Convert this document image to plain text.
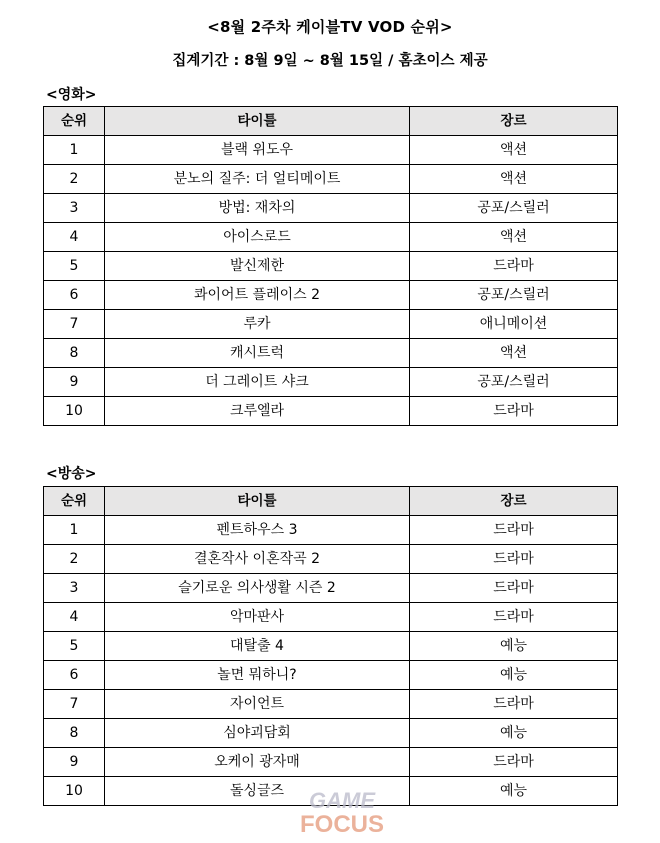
<8월 2주차 케이블TV VOD 순위>
집계기간 : 8월 9일 ~ 8월 15일 / 홈초이스 제공
<영화>
순위	타이틀	장르
1	블랙 위도우	액션
2	분노의 질주: 더 얼티메이트	액션
3	방법: 재차의	공포/스릴러
4	아이스로드	액션
5	발신제한	드라마
6	콰이어트 플레이스 2	공포/스릴러
7	루카	애니메이션
8	캐시트럭	액션
9	더 그레이트 샤크	공포/스릴러
10	크루엘라	드라마
<방송>
순위	타이틀	장르
1	펜트하우스 3	드라마
2	결혼작사 이혼작곡 2	드라마
3	슬기로운 의사생활 시즌 2	드라마
4	악마판사	드라마
5	대탈출 4	예능
6	놀면 뭐하니?	예능
7	자이언트	드라마
8	심야괴담회	예능
9	오케이 광자매	드라마
10	돌싱글즈	예능
GAME
FOCUS
